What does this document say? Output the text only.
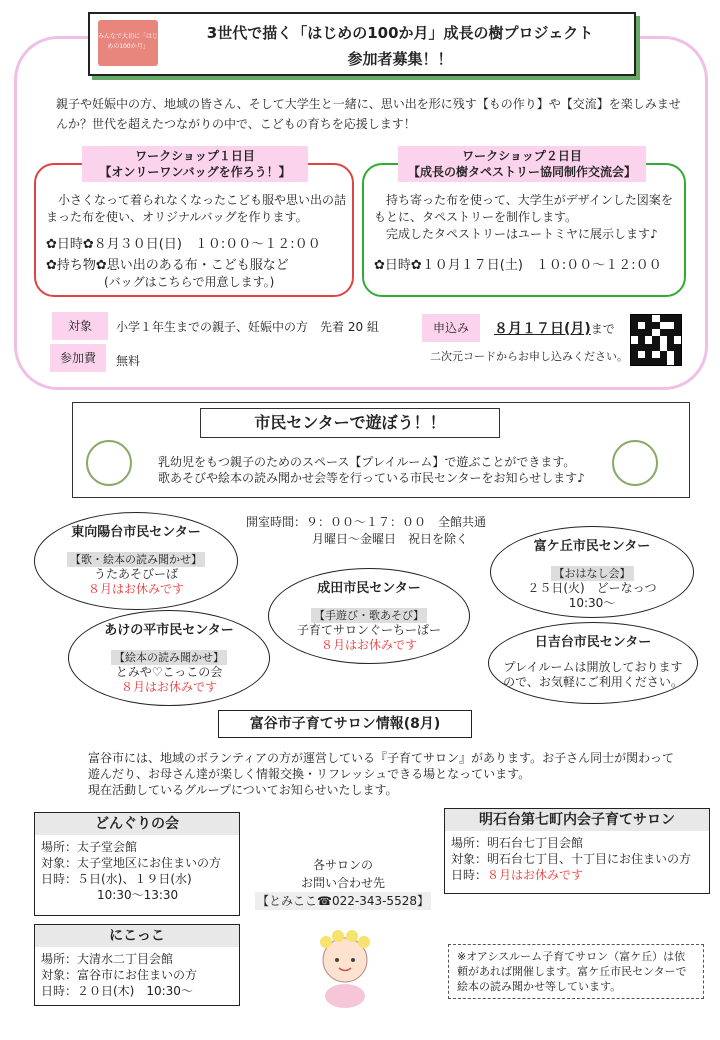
みんなで大切に「はじめの100か月」
3世代で描く「はじめの100か月」成長の樹プロジェクト
参加者募集！！
親子や妊娠中の方、地域の皆さん、そして大学生と一緒に、思い出を形に残す【もの作り】や【交流】を楽しみませんか？世代を超えたつながりの中で、こどもの育ちを応援します！
ワークショップ１日目
【オンリーワンバッグを作ろう！】
小さくなって着られなくなったこども服や思い出の詰まった布を使い、オリジナルバッグを作ります。
✿日時✿８月３０日(日)　１０:００～１２:００
✿持ち物✿思い出のある布・こども服など
(バッグはこちらで用意します。)
ワークショップ２日目
【成長の樹タペストリー協同制作交流会】
持ち寄った布を使って、大学生がデザインした図案をもとに、タペストリーを制作します。
完成したタペストリーはユートミヤに展示します♪
✿日時✿１０月１７日(土)　１０:００～１２:００
対象	小学１年生までの親子、妊娠中の方　先着 20 組
参加費	無料
申込み	８月１７日(月)まで
二次元コードからお申し込みください。
市民センターで遊ぼう！！
乳幼児をもつ親子のためのスペース【プレイルーム】で遊ぶことができます。
歌あそびや絵本の読み聞かせ会等を行っている市民センターをお知らせします♪
開室時間：９：００～１７：００　全館共通
月曜日～金曜日　祝日を除く
東向陽台市民センター
【歌・絵本の読み聞かせ】
うたあそびーば
８月はお休みです
あけの平市民センター
【絵本の読み聞かせ】
とみや♡こっこの会
８月はお休みです
成田市民センター
【手遊び・歌あそび】
子育てサロンぐーちーぱー
８月はお休みです
富ケ丘市民センター
【おはなし会】
２５日(火)　どーなっつ
10:30～
日吉台市民センター
プレイルームは開放しております
ので、お気軽にご利用ください。
富谷市子育てサロン情報(8月)
富谷市には、地域のボランティアの方が運営している『子育てサロン』があります。お子さん同士が関わって
遊んだり、お母さん達が楽しく情報交換・リフレッシュできる場となっています。
現在活動しているグループについてお知らせいたします。
どんぐりの会
場所：太子堂会館
対象：太子堂地区にお住まいの方
日時：５日(水)、１９日(水)
10:30～13:30
明石台第七町内会子育てサロン
場所：明石台七丁目会館
対象：明石台七丁目、十丁目にお住まいの方
日時：８月はお休みです
にこっこ
場所：大清水二丁目会館
対象：富谷市にお住まいの方
日時：２０日(木)　10:30～
各サロンの
お問い合わせ先
【とみここ☎022-343-5528】
※オアシスルーム子育てサロン（富ケ丘）は依頼があれば開催します。富ケ丘市民センターで絵本の読み聞かせ等しています。
